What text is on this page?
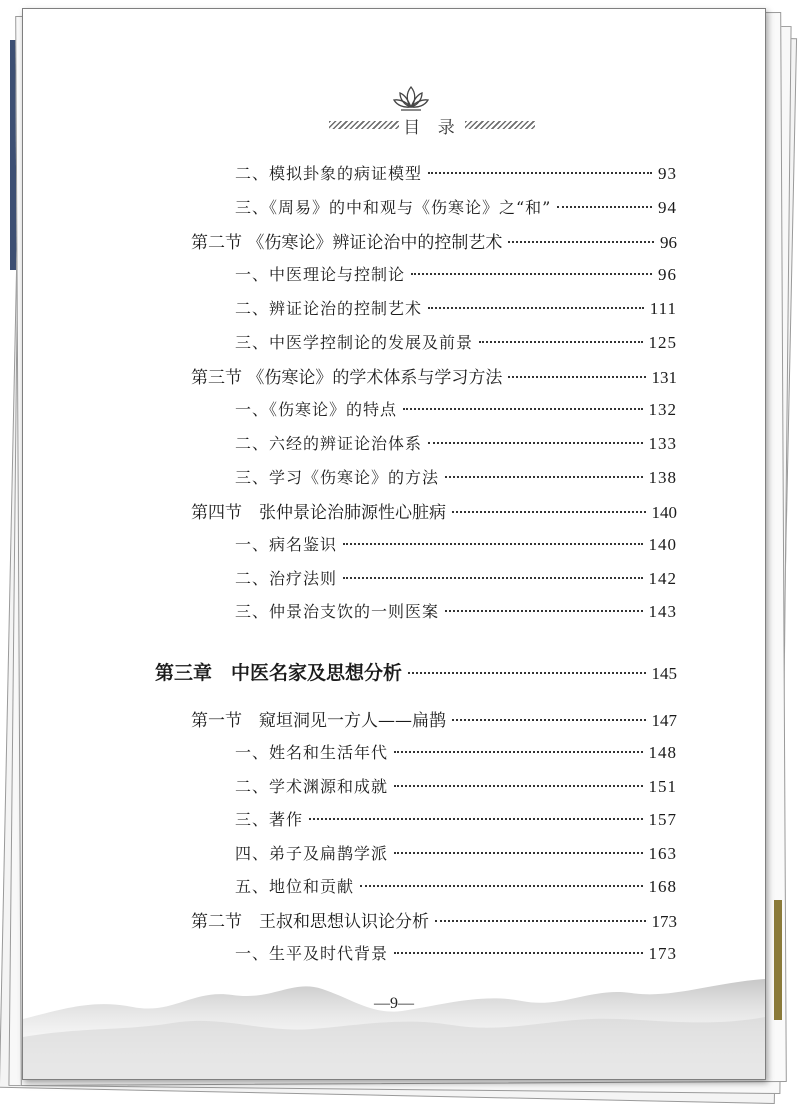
目 录
二、模拟卦象的病证模型	93
三、《周易》的中和观与《伤寒论》之“和”	94
第二节 《伤寒论》辨证论治中的控制艺术	96
一、中医理论与控制论	96
二、辨证论治的控制艺术	111
三、中医学控制论的发展及前景	125
第三节 《伤寒论》的学术体系与学习方法	131
一、《伤寒论》的特点	132
二、六经的辨证论治体系	133
三、学习《伤寒论》的方法	138
第四节　张仲景论治肺源性心脏病	140
一、病名鉴识	140
二、治疗法则	142
三、仲景治支饮的一则医案	143
第三章　中医名家及思想分析	145
第一节　窥垣洞见一方人——扁鹊	147
一、姓名和生活年代	148
二、学术渊源和成就	151
三、著作	157
四、弟子及扁鹊学派	163
五、地位和贡献	168
第二节　王叔和思想认识论分析	173
一、生平及时代背景	173
—9—
